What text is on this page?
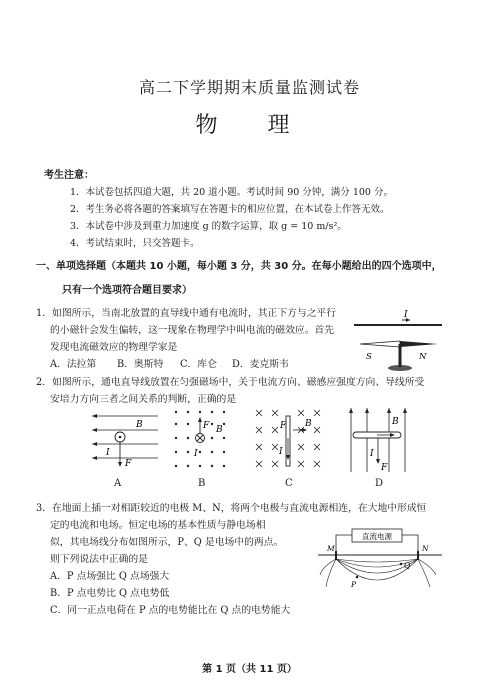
高二下学期期末质量监测试卷
物　理
考生注意：
1．本试卷包括四道大题，共 20 道小题。考试时间 90 分钟，满分 100 分。
2．考生务必将各题的答案填写在答题卡的相应位置，在本试卷上作答无效。
3．本试卷中涉及到重力加速度 g 的数字运算，取 g = 10 m/s²。
4．考试结束时，只交答题卡。
一、单项选择题（本题共 10 小题，每小题 3 分，共 30 分。在每小题给出的四个选项中，
只有一个选项符合题目要求）
1．如图所示，当南北放置的直导线中通有电流时，其正下方与之平行
的小磁针会发生偏转，这一现象在物理学中叫电流的磁效应。首先
发现电流磁效应的物理学家是
A．法拉第 B．奥斯特 C．库仑 D．麦克斯韦
I
S	N
2．如图所示，通电直导线放置在匀强磁场中，关于电流方向、磁感应强度方向、导线所受
安培力方向三者之间关系的判断，正确的是
B
I
F
F B
I
F B
I
B
I
F
A	B	C	D
3．在地面上插一对相距较近的电极 M、N，将两个电极与直流电源相连，在大地中形成恒
定的电流和电场。恒定电场的基本性质与静电场相
似，其电场线分布如图所示，P、Q 是电场中的两点。
则下列说法中正确的是
A．P 点场强比 Q 点场强大
B．P 点电势比 Q 点电势低
C．同一正点电荷在 P 点的电势能比在 Q 点的电势能大
直流电源
M	N
P
Q
第 1 页（共 11 页）
